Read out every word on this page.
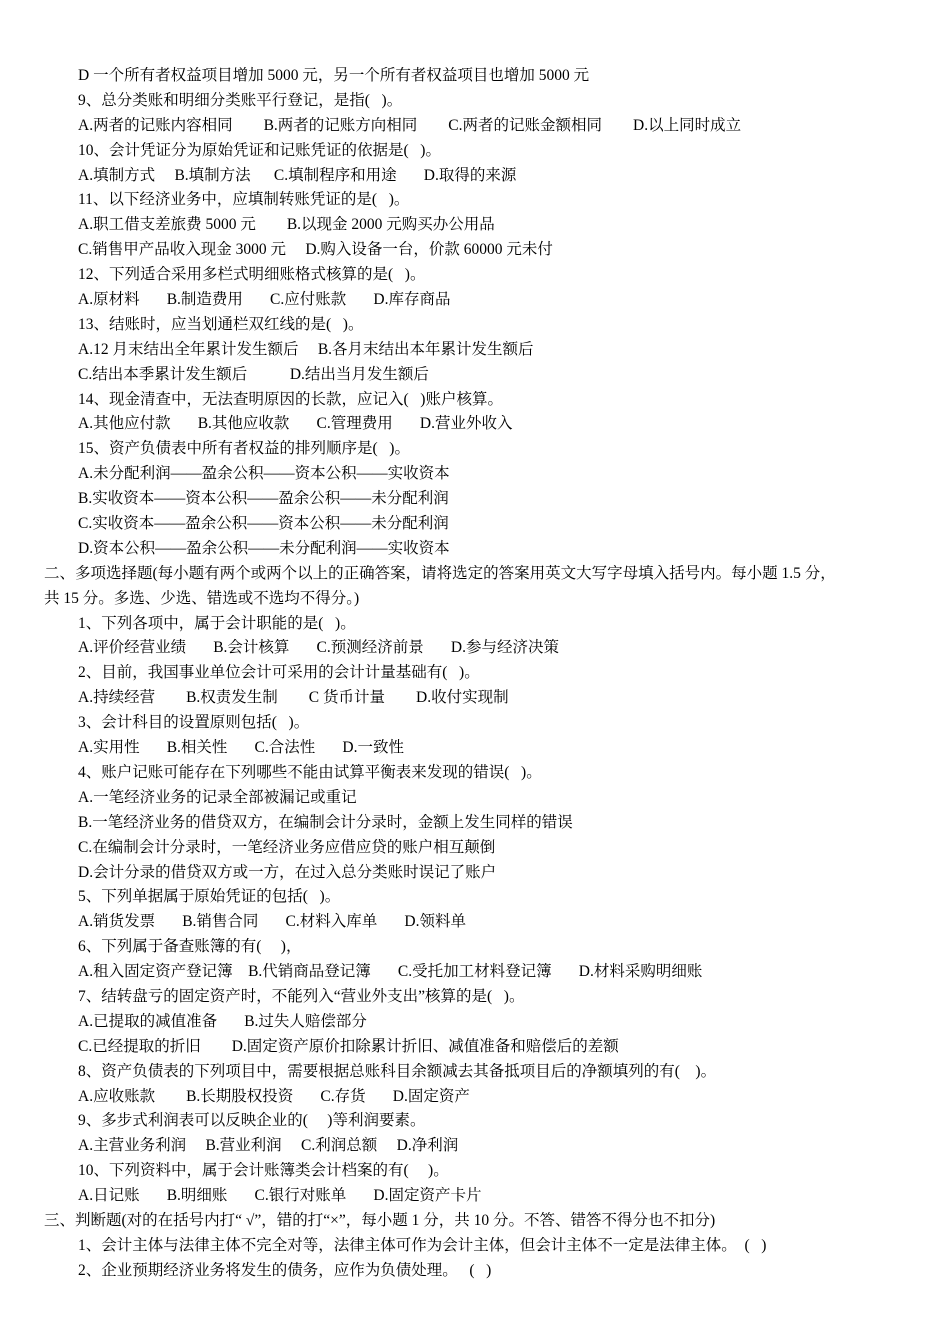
D 一个所有者权益项目增加 5000 元，另一个所有者权益项目也增加 5000 元
9、总分类账和明细分类账平行登记，是指(   )。
A.两者的记账内容相同        B.两者的记账方向相同        C.两者的记账金额相同        D.以上同时成立
10、会计凭证分为原始凭证和记账凭证的依据是(   )。
A.填制方式     B.填制方法      C.填制程序和用途       D.取得的来源
11、以下经济业务中，应填制转账凭证的是(   )。
A.职工借支差旅费 5000 元        B.以现金 2000 元购买办公用品
C.销售甲产品收入现金 3000 元     D.购入设备一台，价款 60000 元未付
12、下列适合采用多栏式明细账格式核算的是(   )。
A.原材料       B.制造费用       C.应付账款       D.库存商品
13、结账时，应当划通栏双红线的是(   )。
A.12 月末结出全年累计发生额后     B.各月末结出本年累计发生额后
C.结出本季累计发生额后           D.结出当月发生额后
14、现金清查中，无法查明原因的长款，应记入(   )账户核算。
A.其他应付款       B.其他应收款       C.管理费用       D.营业外收入
15、资产负债表中所有者权益的排列顺序是(   )。
A.未分配利润——盈余公积——资本公积——实收资本
B.实收资本——资本公积——盈余公积——未分配利润
C.实收资本——盈余公积——资本公积——未分配利润
D.资本公积——盈余公积——未分配利润——实收资本
二、多项选择题(每小题有两个或两个以上的正确答案，请将选定的答案用英文大写字母填入括号内。每小题 1.5 分，
共 15 分。多选、少选、错选或不选均不得分。)
1、下列各项中，属于会计职能的是(   )。
A.评价经营业绩       B.会计核算       C.预测经济前景       D.参与经济决策
2、目前，我国事业单位会计可采用的会计计量基础有(   )。
A.持续经营        B.权责发生制        C 货币计量        D.收付实现制
3、会计科目的设置原则包括(   )。
A.实用性       B.相关性       C.合法性       D.一致性
4、账户记账可能存在下列哪些不能由试算平衡表来发现的错误(   )。
A.一笔经济业务的记录全部被漏记或重记
B.一笔经济业务的借贷双方，在编制会计分录时，金额上发生同样的错误
C.在编制会计分录时，一笔经济业务应借应贷的账户相互颠倒
D.会计分录的借贷双方或一方，在过入总分类账时误记了账户
5、下列单据属于原始凭证的包括(   )。
A.销货发票       B.销售合同       C.材料入库单       D.领料单
6、下列属于备查账簿的有(     )，
A.租入固定资产登记簿    B.代销商品登记簿       C.受托加工材料登记簿       D.材料采购明细账
7、结转盘亏的固定资产时，不能列入“营业外支出”核算的是(   )。
A.已提取的减值准备       B.过失人赔偿部分
C.已经提取的折旧        D.固定资产原价扣除累计折旧、减值准备和赔偿后的差额
8、资产负债表的下列项目中，需要根据总账科目余额减去其备抵项目后的净额填列的有(    )。
A.应收账款        B.长期股权投资       C.存货       D.固定资产
9、多步式利润表可以反映企业的(     )等利润要素。
A.主营业务利润     B.营业利润     C.利润总额     D.净利润
10、下列资料中，属于会计账簿类会计档案的有(     )。
A.日记账       B.明细账       C.银行对账单       D.固定资产卡片
三、判断题(对的在括号内打“ √”，错的打“×”，每小题 1 分，共 10 分。不答、错答不得分也不扣分)
1、会计主体与法律主体不完全对等，法律主体可作为会计主体，但会计主体不一定是法律主体。  (   )
2、企业预期经济业务将发生的债务，应作为负债处理。   (   )
